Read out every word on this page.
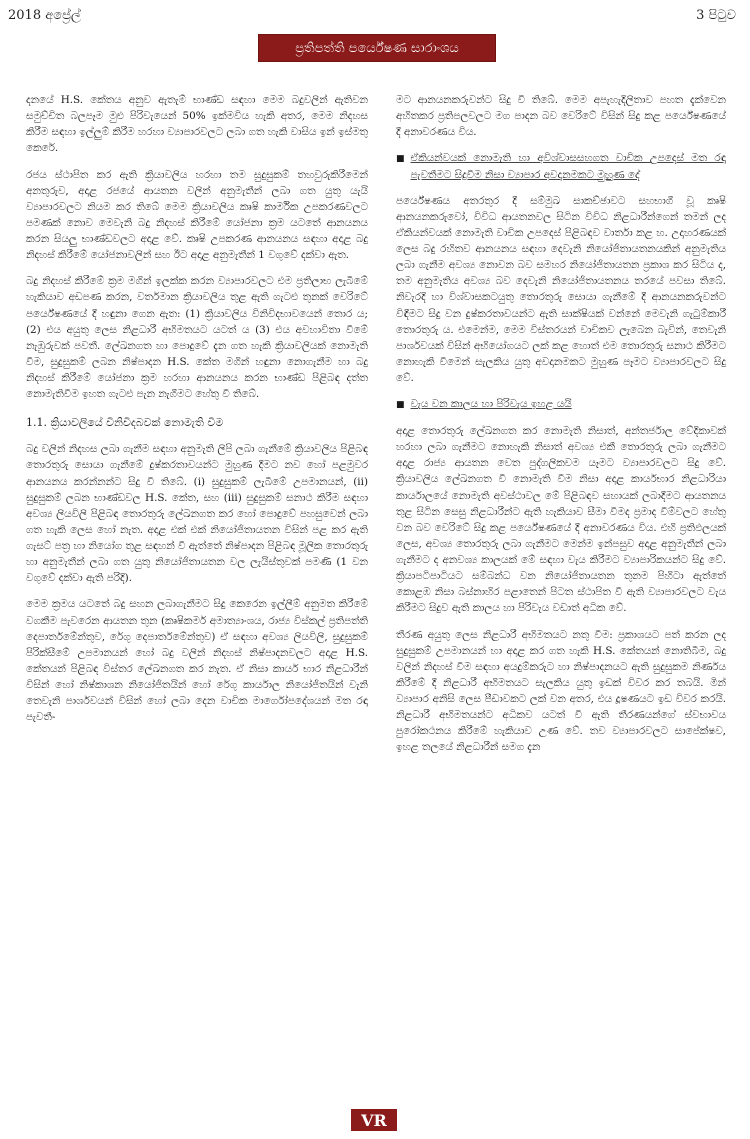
2018 අප්‍රේල්	3 පිටුව
ප්‍රතිපත්ති පර්යේෂණ සාරාංශය

දනයේ H.S. කේතය අනුව ඇතැම් භාණ්ඩ සඳහා මෙම බදුවලින් ඇතිවන සමුච්චිත බලපෑම මුළු පිරිවැයෙන් 50% ඉක්මවිය හැකි අතර, මෙම නිදහස කිරීම සඳහා ඉල්ලුම් කිරීම හරහා ව්‍යාපාරවලට ලබා ගත හැකි වාසිය ඉන් ඉස්මතු කෙරේ.

රජය ස්ථාපිත කර ඇති ක්‍රියාවලිය හරහා තම සුදුසුකම් තහවුරුකිරීමෙන් අනතුරුව, අදාළ රජයේ ආයතන වලින් අනුමැතීන් ලබා ගත යුතු යැයි ව්‍යාපාරවලට නියම කර තිබේ මෙම ක්‍රියාවලිය කෘෂි කාර්මික උපකරණවලට පමණක් නොව මෙවැනි බදු නිදහස් කිරීමේ යෝජනා ක්‍රම යටතේ ආනයනය කරන සියලු භාණ්ඩවලට අදාළ වේ. කෘෂි උපකරණ ආනයනය සඳහා අදාළ බදු නිදහස් කිරීමේ යෝජනාවලින් සහ ඊට අදාළ අනුමැතීන් 1 වගුවේ දක්වා ඇත.

බදු නිදහස් කිරීමේ ක්‍රම මගින් ඉලක්ක කරන ව්‍යාපාරවලට එම ප්‍රතිලාභ ලැබීමේ හැකියාව අඩපණ කරන, වර්තමාන ක්‍රියාවලිය තුළ ඇති ගැටළු තුනක් වෙරිටේ පර්යේෂණයේ දී හඳුනා ගෙන ඇත: (1) ක්‍රියාවලිය විනිවිදභාවයෙන් තොර ය; (2) එය අයුතු ලෙස නිළධාරී අභිමතයට යටත් ය (3) එය අවහාවිතා වීමේ නැඹුරුවක් පවතී. ලේඛනගත හා පොදුවේ දැන ගත හැකි ක්‍රියාවලියක් නොමැති වීම, සුදුසුකම් ලබන නිෂ්පාදන H.S. කේත මගින් හඳුනා නොගැනීම හා බදු නිදහස් කිරීමේ යෝජනා ක්‍රම හරහා ආනයනය කරන භාණ්ඩ පිළිබඳ දත්ත නොමැතිවීම ඉහත ගැටළු පැන නැගීමට හේතු වී තිබේ.

1.1. ක්‍රියාවලියේ විනිවිදබවක් නොමැති වීම

බදු වලින් නිදහස ලබා ගැනීම සඳහා අනුමැති ලිපි ලබා ගැනීමේ ක්‍රියාවලිය පිළිබඳ තොරතුරු සොයා ගැනීමේ දුෂ්කරතාවයන්ට මුහුණ දීමට නව හෝ පළමුවර ආනයනය කරන්නන්ට සිදු වී තිබේ. (i) සුදුසුකම් ලැබීමේ උපමානයන්, (ii) සුදුසුකම් ලබන භාණ්ඩවල H.S. කේත, සහ (iii) සුදුසුකම් සනාථ කිරීම සඳහා අවශ්‍ය ලියවිලි පිළිබඳ තොරතුරු ලේඛනගත කර හෝ පොදුවේ පහසුවෙන් ලබා ගත හැකි ලෙස හෝ නැත. අදාළ එක් එක් නියෝජිතායතන විසින් පළ කර ඇති ගැසට් පත්‍ර හා නියෝග තුළ සඳහන් වී ඇත්තේ නිෂ්පාදන පිළිබඳ මූලික තොරතුරු හා අනුමැතීන් ලබා ගත යුතු නියෝජිතායතන වල ලැයිස්තුවක් පමණි (1 වන වගුවේ දක්වා ඇති පරිදි).

මෙම ක්‍රමය යටතේ බදු සහන ලබාගැනීමට සිදු කෙරෙන ඉල්ලීම් අනුමත කිරීමේ වගකීම පැවරෙන ආයතන තුන (කෘෂිකර්ම අමාත්‍යාංශය, රාජ්‍ය විස්කල් ප්‍රතිපත්ති දෙපාර්තමේන්තුව, රේගු දෙපාර්තමේන්තුව) ඒ සඳහා අවශ්‍ය ලියවිලි, සුදුසුකම් පිරික්සීමේ උපමානයන් හෝ බදු වලින් නිදහස් නිෂ්පාදනවලට අදාළ H.S. කේතයන් පිළිබඳ විස්තර ලේඛනගත කර නැත. ඒ නිසා කාර්ය භාර නිළධාරීන් විසින් හෝ නිෂ්කාශන නියෝජිතයින් හෝ රේගු කාර්යාල නියෝජිතයින් වැනි තෙවැනි පාර්ශවයන් විසින් හෝ ලබා දෙන වාචික මාර්ගෝපදේශයන් මත රඳා පැවතී-

මට ආනයනකරුවන්ට සිදු වී තිබේ. මෙම අපැහැදිලිතාව පහත දැක්වෙන අහිතකර ප්‍රතිපලවලට මග පාදන බව වෙරිටේ විසින් සිදු කළ පර්යේෂණයේ දී අනාවරණය විය.

■ ඒකියන්වයක් නොමැති හා අවිශ්වාසසහගත වාචික උපදෙස් මත රඳා පැවතීමට සිදුවීම නිසා ව්‍යාපාර අවදානමකට මුහුණ දේ

පර්යේෂණය අතරතුර දී සම්මුඛ සාකච්ඡාවට සහභාගී වූ කෘෂි ආනයනකරුවෝ, විවිධ ආයතනවල සිටින විවිධ නිළධාරීන්ගෙන් තමන් ලද ඒකියන්වයක් නොමැති වාචික උපදෙස් පිළිබඳව වාර්තා කළ හ. උදාහරණයක් ලෙස බදු රහිතව ආනයනය සඳහා දෙවැනි නියෝජිතායතනයකින් අනුමැතිය ලබා ගැනීම අවශ්‍ය නොවන බව සමහර නියෝජිතායතන ප්‍රකාශ කර සිටිය ද, තම අනුමැතිය අවශ්‍ය බව දෙවැනි නියෝජිතායතනය තරයේ පවසා තිබේ. නිවැරදි හා විශ්වාසකටයුතු තොරතුරු සොයා ගැනීමේ දී ආනයනකරුවන්ට විඳීමට සිදු වන දුෂ්කරතාවයන්ට ඇති සාක්ෂියක් වන්නේ මෙවැනි ගැටුම්කාරී තොරතුරු ය. එමෙන්ම, මෙම විස්තරයන් වාචිකව ලැබෙන බැවින්, තෙවැනි පාර්ශවයක් විසින් අභියෝගයට ලක් කළ හොත් එම තොරතුරු සනාථ කිරීමට නොහැකි වීමෙන් සැලකිය යුතු අවදානමකට මුහුණ පෑමට ව්‍යාපාරවලට සිදු වේ.

■ වැය වන කාලය හා පිරිවැය ඉහළ යයි

අදාළ තොරතුරු ලේඛනගත කර නොමැති නිසාත්, අන්තර්ජාල වේදිකාවක් හරහා ලබා ගැනීමට නොහැකි නිසාත් අවශ්‍ය එකී තොරතුරු ලබා ගැනීමට අදාළ රාජ්‍ය ආයතන වෙත පුද්ගලිකවම යෑමට ව්‍යාපාරවලට සිදු වේ. ක්‍රියාවලිය ලේඛනගත වී නොමැති වීම නිසා අදාළ කාර්යභාර නිළධාරියා කාර්යාලයේ නොමැති අවස්ථාවල මේ පිළිබඳව සහායක් ලබාදීමට ආයතනය තුළ සිටින සෙසු නිළධාරීන්ට ඇති හැකියාව සීමා වීමද ප්‍රමාද වීම්වලට හේතු වන බව වෙරිටේ සිදු කළ පර්යේෂණයේ දී අනාවරණය විය. එහි ප්‍රතිඵලයක් ලෙස, අවශ්‍ය තොරතුරු ලබා ගැනීමට මෙන්ම ඉන්පසුව අදාළ අනුමැතීන් ලබා ගැනීමට ද අනවශ්‍ය කාලයක් මේ සඳහා වැය කිරීමට ව්‍යාපාරිකයන්ට සිදු වේ. ක්‍රියාපටිපාටියට සම්බන්ධ වන නියෝජිතායතන තුනම පිහිටා ඇත්තේ කොළඹ නිසා බස්නාහිර පළාතෙන් පිටත ස්ථාපිත වී ඇති ව්‍යාපාරවලට වැය කිරීමට සිදුව ඇති කාලය හා පිරිවැය වඩාත් අධික වේ.

තීරණ අයුතු ලෙස නිළධාරී අභිමතයට නතු වීම: ප්‍රකාශයට පත් කරන ලද සුදුසුකම් උපමානයන් හා අදාළ කර ගත හැකි H.S. කේතයන් නොතිබීම, බදු වලින් නිදහස් වීම සඳහා අයදුම්කරුට හා නිෂ්පාදනයට ඇති සුදුසුකම නිර්ණය කිරීමේ දී නිළධාරී අභිමතයට සැලකිය යුතු ඉඩක් විවර කර තබයි. මින් ව්‍යාපාර අනිසි ලෙස පීඩාවකට ලක් වන අතර, එය දූෂණයට ඉඩ විවර කරයි. නිළධාරී අභිමතයන්ට අධිකව යටත් වී ඇති තීරණයන්ගේ ස්වභාවය පුරෝකථනය කිරීමේ හැකියාව උණ වේ. තව ව්‍යාපාරවලට සාපේක්ෂව, ඉහළ තලයේ නිළධාරීන් සමග දැන

VR
